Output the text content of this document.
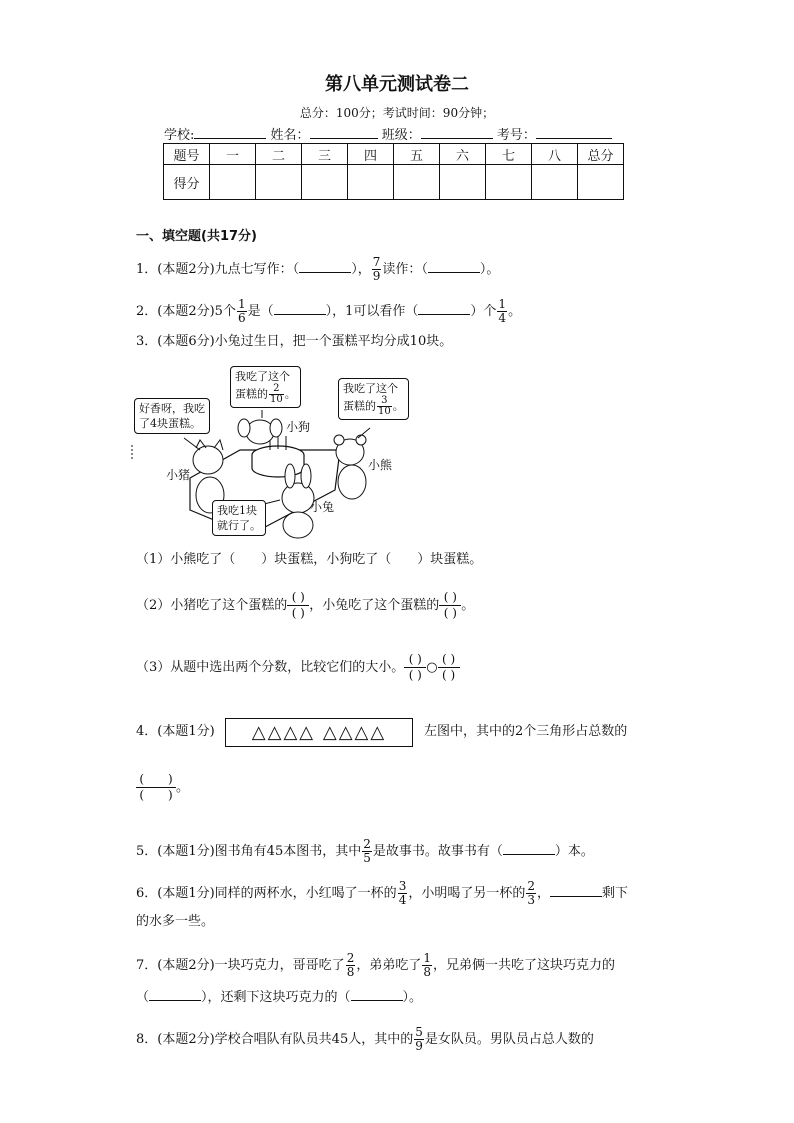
第八单元测试卷二
总分：100分；考试时间：90分钟；
学校:	姓名：	班级：	考号：
题号	一	二	三	四	五	六	七	八	总分
得分									
一、填空题(共17分)
1．(本题2分)九点七写作：（	）， $\frac{7}{9}$ 读作：（	）。
2．(本题2分)5个 $\frac{1}{6}$ 是（	），1可以看作（	）个 $\frac{1}{4}$ 。
3．(本题6分)小兔过生日，把一个蛋糕平均分成10块。
好香呀，我吃
了4块蛋糕。
我吃了这个
蛋糕的 $\frac{2}{10}$ 。	我吃了这个
蛋糕的 $\frac{3}{10}$ 。
我吃1块
就行了。
小猪
小狗
小熊
小兔
（1）小熊吃了（　　）块蛋糕，小狗吃了（　　）块蛋糕。
（2）小猪吃了这个蛋糕的
( )
( ) ，小兔吃了这个蛋糕的
( )
( ) 。
（3）从题中选出两个分数，比较它们的大小。
( )
( ) ○
( )
( )
4．(本题1分)	△△△△ △△△△	左图中，其中的2个三角形占总数的
(　　)
(　　) 。
5．(本题1分)图书角有45本图书，其中 $\frac{2}{5}$ 是故事书。故事书有（	）本。
6．(本题1分)同样的两杯水，小红喝了一杯的 $\frac{3}{4}$ ，小明喝了另一杯的 $\frac{2}{3}$ ，	剩下
的水多一些。
7．(本题2分)一块巧克力，哥哥吃了 $\frac{2}{8}$ ，弟弟吃了 $\frac{1}{8}$ ，兄弟俩一共吃了这块巧克力的
（	），还剩下这块巧克力的（	）。
8．(本题2分)学校合唱队有队员共45人，其中的 $\frac{5}{9}$ 是女队员。男队员占总人数的
